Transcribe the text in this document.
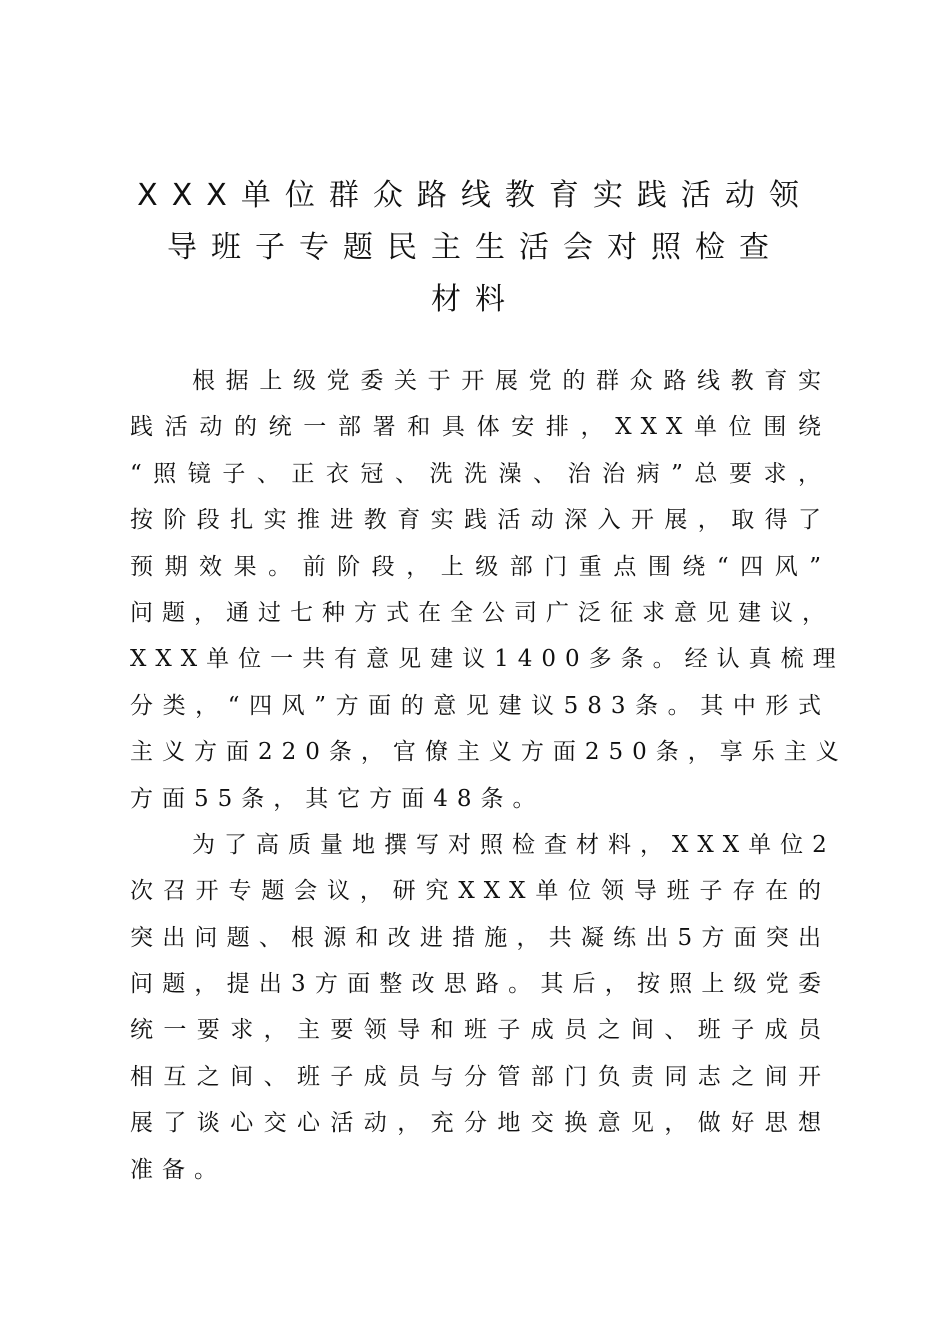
XXX单位群众路线教育实践活动领
导班子专题民主生活会对照检查
材料
根据上级党委关于开展党的群众路线教育实
践活动的统一部署和具体安排，XXX单位围绕
“照镜子、正衣冠、洗洗澡、治治病”总要求，
按阶段扎实推进教育实践活动深入开展，取得了
预期效果。前阶段，上级部门重点围绕“四风”
问题，通过七种方式在全公司广泛征求意见建议，
XXX单位一共有意见建议1400多条。经认真梳理
分类，“四风”方面的意见建议583条。其中形式
主义方面220条，官僚主义方面250条，享乐主义
方面55条，其它方面48条。
为了高质量地撰写对照检查材料，XXX单位2
次召开专题会议，研究XXX单位领导班子存在的
突出问题、根源和改进措施，共凝练出5方面突出
问题，提出3方面整改思路。其后，按照上级党委
统一要求，主要领导和班子成员之间、班子成员
相互之间、班子成员与分管部门负责同志之间开
展了谈心交心活动，充分地交换意见，做好思想
准备。
